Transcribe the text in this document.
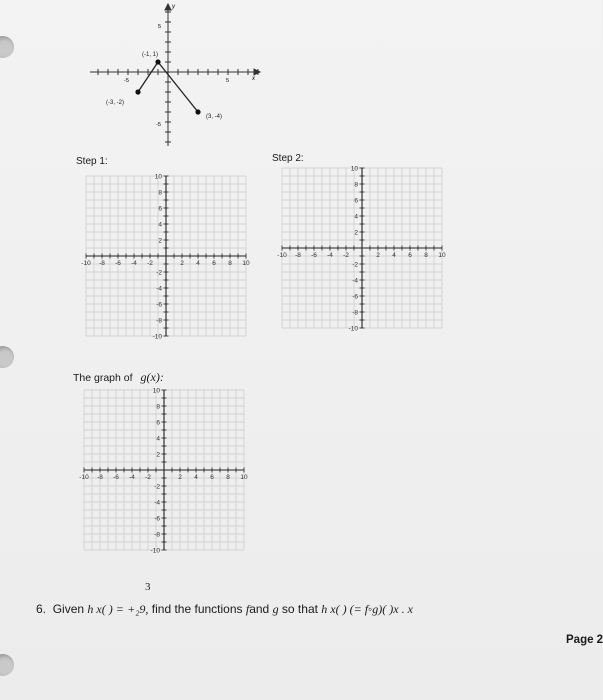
(-1, 1)
(-3, -2)
(3, -4)
x
y
-5	5
5
-5
Step 1:	Step 2:
-10 -8 -6 -4 -2	2 4 6 8 10
10
8
6
4
2
-2
-4
-6
-8
-10
-10 -8 -6 -4 -2	2 4 6 8 10
10
8
6
4
2
-2
-4
-6
-8
-10
The graph of g(x):
-10 -8 -6 -4 -2	2 4 6 8 10
10
8
6
4
2
-2
-4
-6
-8
-10
3
6. Given h x( ) = +₂9, find the functions fand g so that h x( ) (= f◦g)( )x . x
Page 2
